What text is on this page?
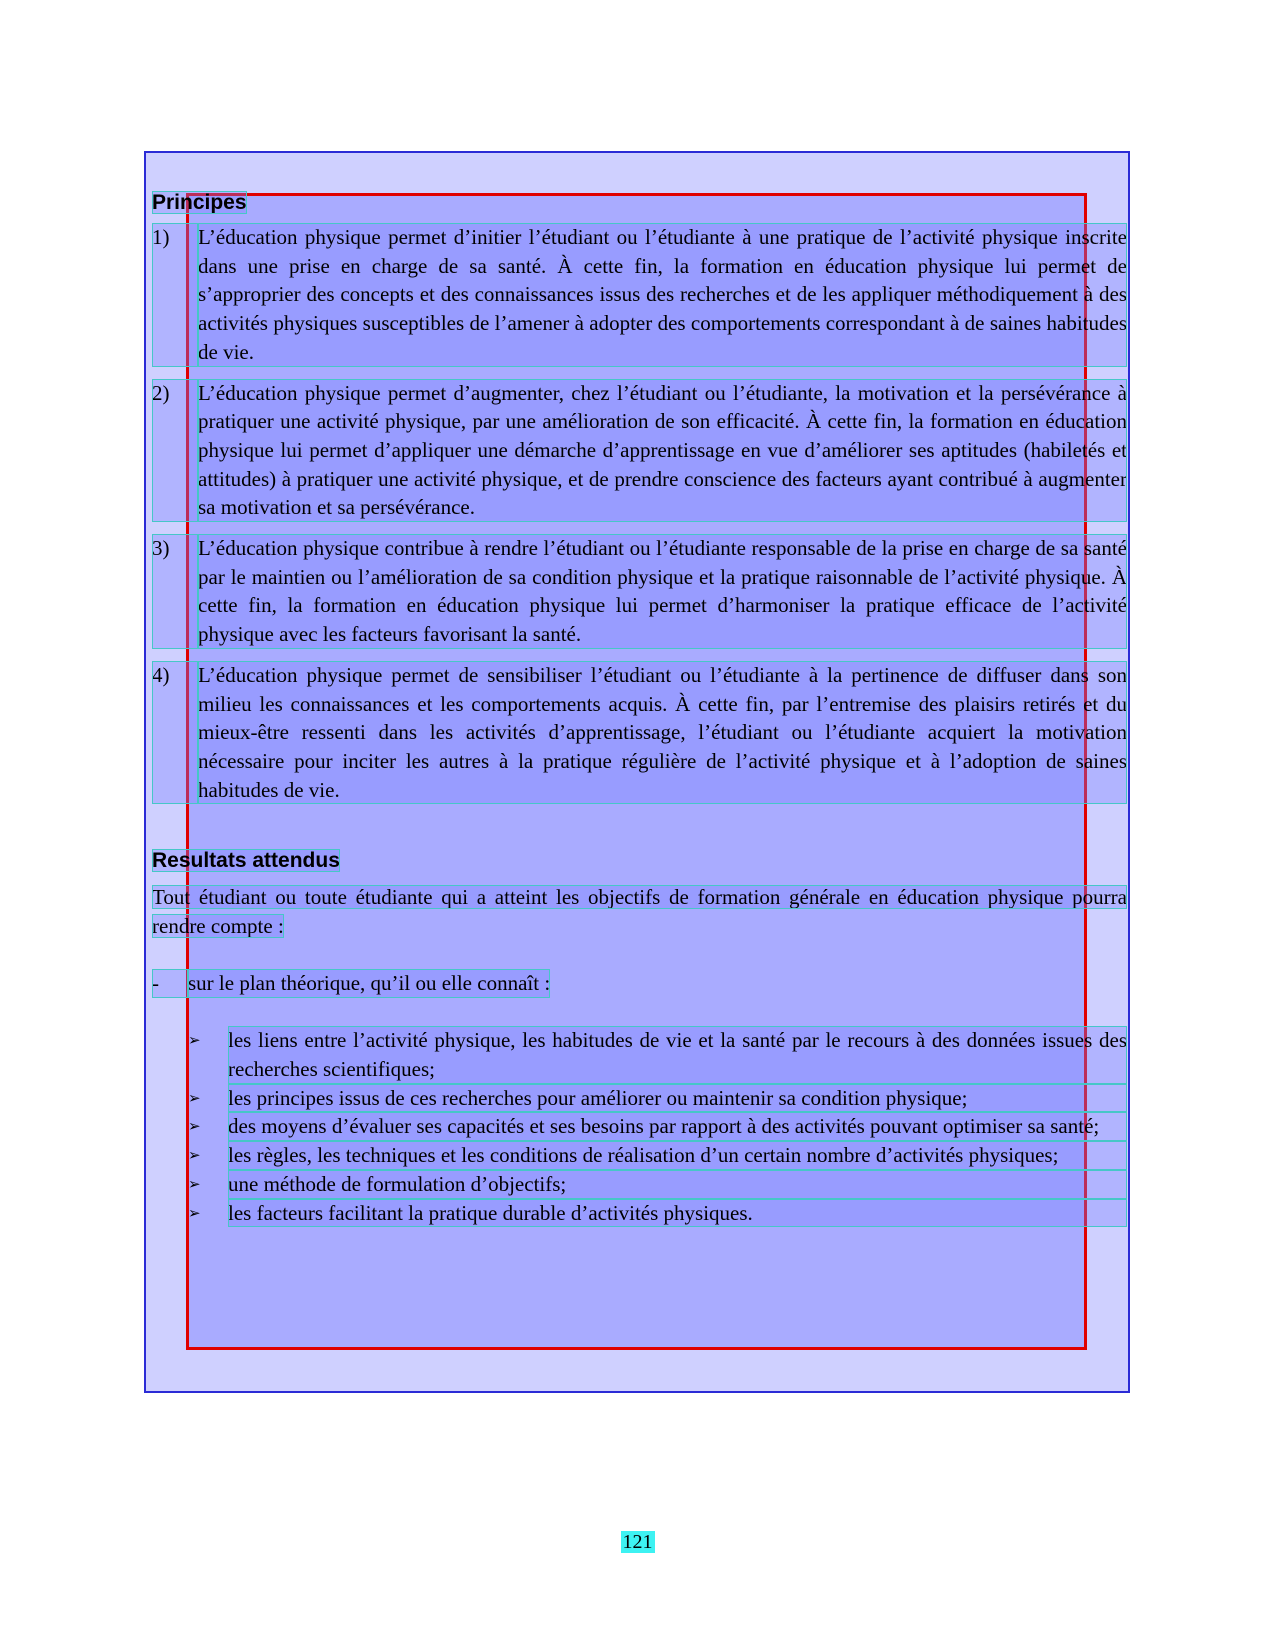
Principes
1)	L’éducation physique permet d’initier l’étudiant ou l’étudiante à une pratique de l’activité physique inscrite dans une prise en charge de sa santé. À cette fin, la formation en éducation physique lui permet de s’approprier des concepts et des connaissances issus des recherches et de les appliquer méthodiquement à des activités physiques susceptibles de l’amener à adopter des comportements correspondant à de saines habitudes de vie.
2)	L’éducation physique permet d’augmenter, chez l’étudiant ou l’étudiante, la motivation et la persévérance à pratiquer une activité physique, par une amélioration de son efficacité. À cette fin, la formation en éducation physique lui permet d’appliquer une démarche d’apprentissage en vue d’améliorer ses aptitudes (habiletés et attitudes) à pratiquer une activité physique, et de prendre conscience des facteurs ayant contribué à augmenter sa motivation et sa persévérance.
3)	L’éducation physique contribue à rendre l’étudiant ou l’étudiante responsable de la prise en charge de sa santé par le maintien ou l’amélioration de sa condition physique et la pratique raisonnable de l’activité physique. À cette fin, la formation en éducation physique lui permet d’harmoniser la pratique efficace de l’activité physique avec les facteurs favorisant la santé.
4)	L’éducation physique permet de sensibiliser l’étudiant ou l’étudiante à la pertinence de diffuser dans son milieu les connaissances et les comportements acquis. À cette fin, par l’entremise des plaisirs retirés et du mieux-être ressenti dans les activités d’apprentissage, l’étudiant ou l’étudiante acquiert la motivation nécessaire pour inciter les autres à la pratique régulière de l’activité physique et à l’adoption de saines habitudes de vie.
Resultats attendus

Tout étudiant ou toute étudiante qui a atteint les objectifs de formation générale en éducation physique pourra rendre compte :

-	sur le plan théorique, qu’il ou elle connaît :
➢	les liens entre l’activité physique, les habitudes de vie et la santé par le recours à des données issues des recherches scientifiques;
➢	les principes issus de ces recherches pour améliorer ou maintenir sa condition physique;
➢	des moyens d’évaluer ses capacités et ses besoins par rapport à des activités pouvant optimiser sa santé;
➢	les règles, les techniques et les conditions de réalisation d’un certain nombre d’activités physiques;
➢	une méthode de formulation d’objectifs;
➢	les facteurs facilitant la pratique durable d’activités physiques.
121
